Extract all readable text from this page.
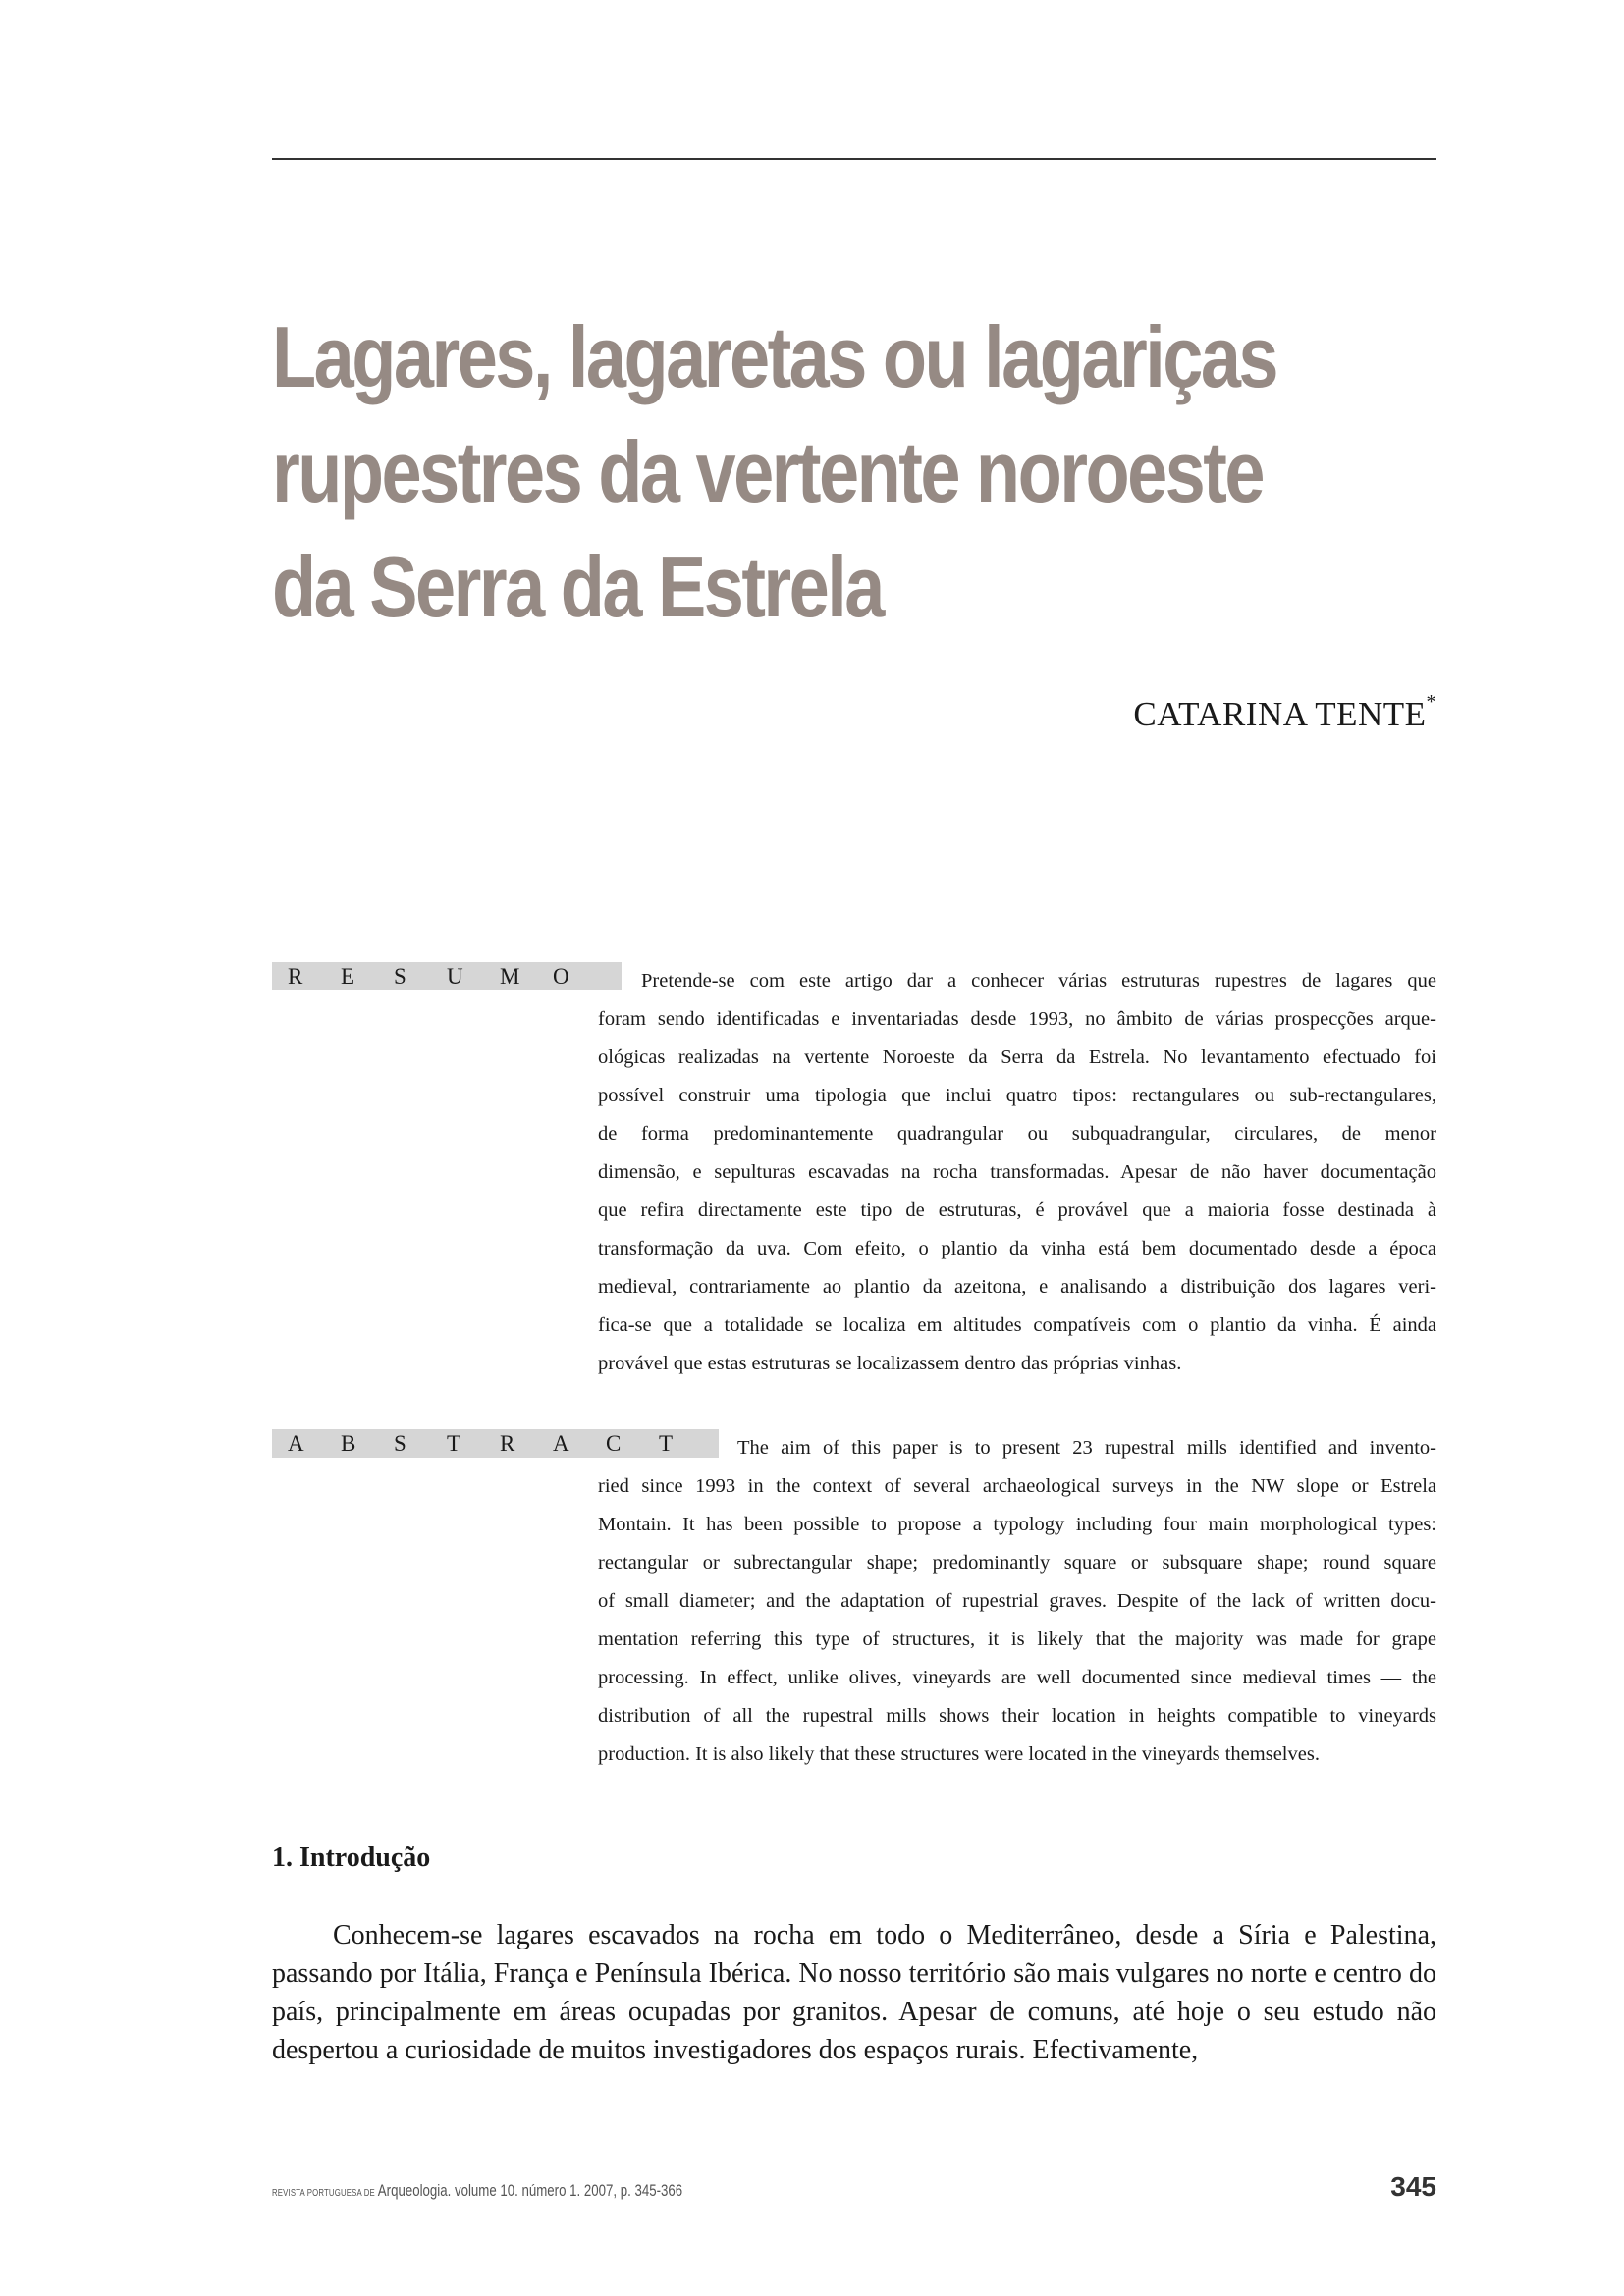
Lagares, lagaretas ou lagariças
rupestres da vertente noroeste
da Serra da Estrela
CATARINA TENTE*
R E S U M O	Pretende-se com este artigo dar a conhecer várias estruturas rupestres de lagares que
foram sendo identificadas e inventariadas desde 1993, no âmbito de várias prospecções arque-
ológicas realizadas na vertente Noroeste da Serra da Estrela. No levantamento efectuado foi
possível construir uma tipologia que inclui quatro tipos: rectangulares ou sub-rectangulares,
de forma predominantemente quadrangular ou subquadrangular, circulares, de menor
dimensão, e sepulturas escavadas na rocha transformadas. Apesar de não haver documentação
que refira directamente este tipo de estruturas, é provável que a maioria fosse destinada à
transformação da uva. Com efeito, o plantio da vinha está bem documentado desde a época
medieval, contrariamente ao plantio da azeitona, e analisando a distribuição dos lagares veri-
fica-se que a totalidade se localiza em altitudes compatíveis com o plantio da vinha. É ainda
provável que estas estruturas se localizassem dentro das próprias vinhas.

A B S T R A C T	The aim of this paper is to present 23 rupestral mills identified and invento-
ried since 1993 in the context of several archaeological surveys in the NW slope or Estrela
Montain. It has been possible to propose a typology including four main morphological types:
rectangular or subrectangular shape; predominantly square or subsquare shape; round square
of small diameter; and the adaptation of rupestrial graves. Despite of the lack of written docu-
mentation referring this type of structures, it is likely that the majority was made for grape
processing. In effect, unlike olives, vineyards are well documented since medieval times — the
distribution of all the rupestral mills shows their location in heights compatible to vineyards
production. It is also likely that these structures were located in the vineyards themselves.

1. Introdução

Conhecem-se lagares escavados na rocha em todo o Mediterrâneo, desde a Síria e Palestina, passando por Itália, França e Península Ibérica. No nosso território são mais vulgares no norte e centro do país, principalmente em áreas ocupadas por granitos. Apesar de comuns, até hoje o seu estudo não despertou a curiosidade de muitos investigadores dos espaços rurais. Efectivamente,

REVISTA PORTUGUESA DE Arqueologia. volume 10. número 1. 2007, p. 345-366	345
